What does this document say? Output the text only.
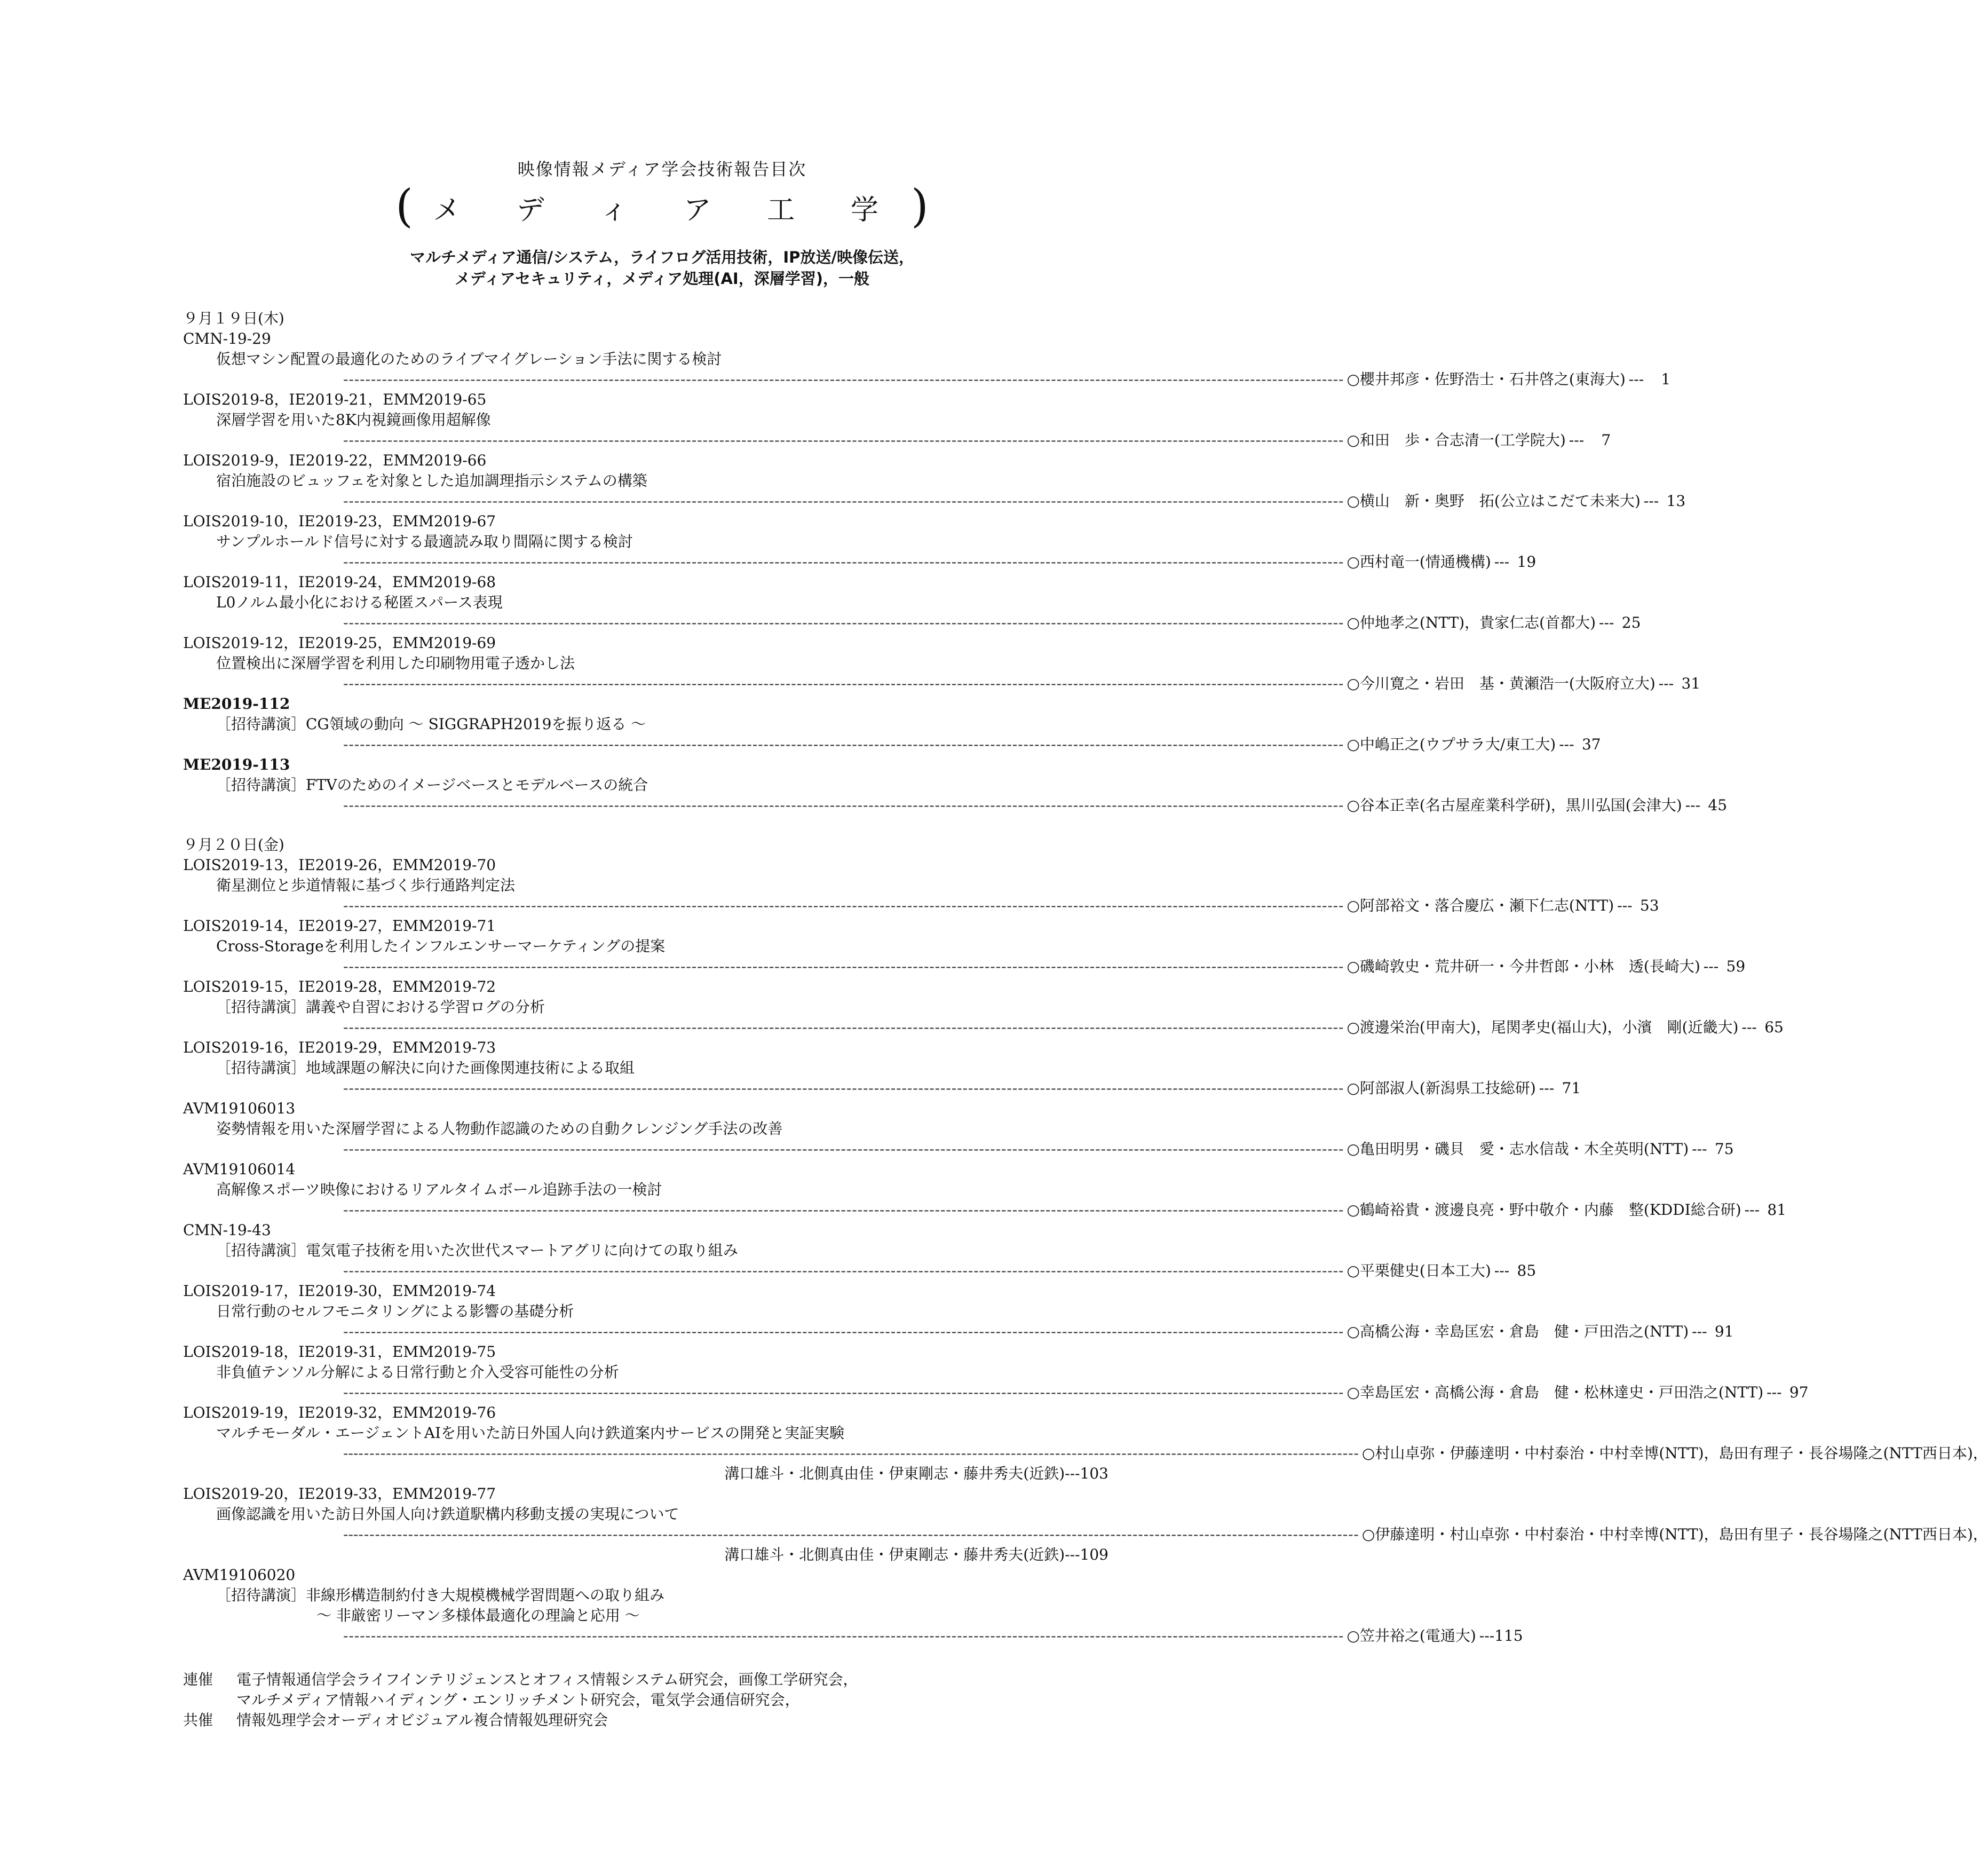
映像情報メディア学会技術報告目次
( メ デ ィ ア 工 学 )
マルチメディア通信/システム，ライフログ活用技術，IP放送/映像伝送，
メディアセキュリティ，メディア処理(AI，深層学習)，一般
９月１９日(木)
CMN-19-29
仮想マシン配置の最適化のためのライブマイグレーション手法に関する検討
- - -
○櫻井邦彦・佐野浩士・石井啓之(東海大) --- 1
LOIS2019-8，IE2019-21，EMM2019-65
深層学習を用いた8K内視鏡画像用超解像
- - -
○和田　歩・合志清一(工学院大) --- 7
LOIS2019-9，IE2019-22，EMM2019-66
宿泊施設のビュッフェを対象とした追加調理指示システムの構築
- - -
○横山　新・奥野　拓(公立はこだて未来大) --- 13
LOIS2019-10，IE2019-23，EMM2019-67
サンプルホールド信号に対する最適読み取り間隔に関する検討
- - -
○西村竜一(情通機構) --- 19
LOIS2019-11，IE2019-24，EMM2019-68
L0ノルム最小化における秘匿スパース表現
- - -
○仲地孝之(NTT)，貴家仁志(首都大) --- 25
LOIS2019-12，IE2019-25，EMM2019-69
位置検出に深層学習を利用した印刷物用電子透かし法
- - -
○今川寛之・岩田　基・黄瀬浩一(大阪府立大) --- 31
ME2019-112
［招待講演］CG領域の動向 〜 SIGGRAPH2019を振り返る 〜
- - -
○中嶋正之(ウプサラ大/東工大) --- 37
ME2019-113
［招待講演］FTVのためのイメージベースとモデルベースの統合
- - -
○谷本正幸(名古屋産業科学研)，黒川弘国(会津大) --- 45
９月２０日(金)
LOIS2019-13，IE2019-26，EMM2019-70
衛星測位と歩道情報に基づく歩行通路判定法
- - -
○阿部裕文・落合慶広・瀬下仁志(NTT) --- 53
LOIS2019-14，IE2019-27，EMM2019-71
Cross-Storageを利用したインフルエンサーマーケティングの提案
- - -
○磯崎敦史・荒井研一・今井哲郎・小林　透(長崎大) --- 59
LOIS2019-15，IE2019-28，EMM2019-72
［招待講演］講義や自習における学習ログの分析
- - -
○渡邊栄治(甲南大)，尾関孝史(福山大)，小濱　剛(近畿大) --- 65
LOIS2019-16，IE2019-29，EMM2019-73
［招待講演］地域課題の解決に向けた画像関連技術による取組
- - -
○阿部淑人(新潟県工技総研) --- 71
AVM19106013
姿勢情報を用いた深層学習による人物動作認識のための自動クレンジング手法の改善
- - -
○亀田明男・磯貝　愛・志水信哉・木全英明(NTT) --- 75
AVM19106014
高解像スポーツ映像におけるリアルタイムボール追跡手法の一検討
- - -
○鶴崎裕貴・渡邊良亮・野中敬介・内藤　整(KDDI総合研) --- 81
CMN-19-43
［招待講演］電気電子技術を用いた次世代スマートアグリに向けての取り組み
- - -
○平栗健史(日本工大) --- 85
LOIS2019-17，IE2019-30，EMM2019-74
日常行動のセルフモニタリングによる影響の基礎分析
- - -
○高橋公海・幸島匡宏・倉島　健・戸田浩之(NTT) --- 91
LOIS2019-18，IE2019-31，EMM2019-75
非負値テンソル分解による日常行動と介入受容可能性の分析
- - -
○幸島匡宏・高橋公海・倉島　健・松林達史・戸田浩之(NTT) --- 97
LOIS2019-19，IE2019-32，EMM2019-76
マルチモーダル・エージェントAIを用いた訪日外国人向け鉄道案内サービスの開発と実証実験
--- - - -	○村山卓弥・伊藤達明・中村泰治・中村幸博(NTT)，島田有理子・長谷場隆之(NTT西日本)，
溝口雄斗・北側真由佳・伊東剛志・藤井秀夫(近鉄)---103
LOIS2019-20，IE2019-33，EMM2019-77
画像認識を用いた訪日外国人向け鉄道駅構内移動支援の実現について
--- - - -	○伊藤達明・村山卓弥・中村泰治・中村幸博(NTT)，島田有里子・長谷場隆之(NTT西日本)，
溝口雄斗・北側真由佳・伊東剛志・藤井秀夫(近鉄)---109
AVM19106020
［招待講演］非線形構造制約付き大規模機械学習問題への取り組み
〜 非厳密リーマン多様体最適化の理論と応用 〜
- - -
○笠井裕之(電通大) ---115
連催 電子情報通信学会ライフインテリジェンスとオフィス情報システム研究会，画像工学研究会，
マルチメディア情報ハイディング・エンリッチメント研究会，電気学会通信研究会，
共催 情報処理学会オーディオビジュアル複合情報処理研究会
